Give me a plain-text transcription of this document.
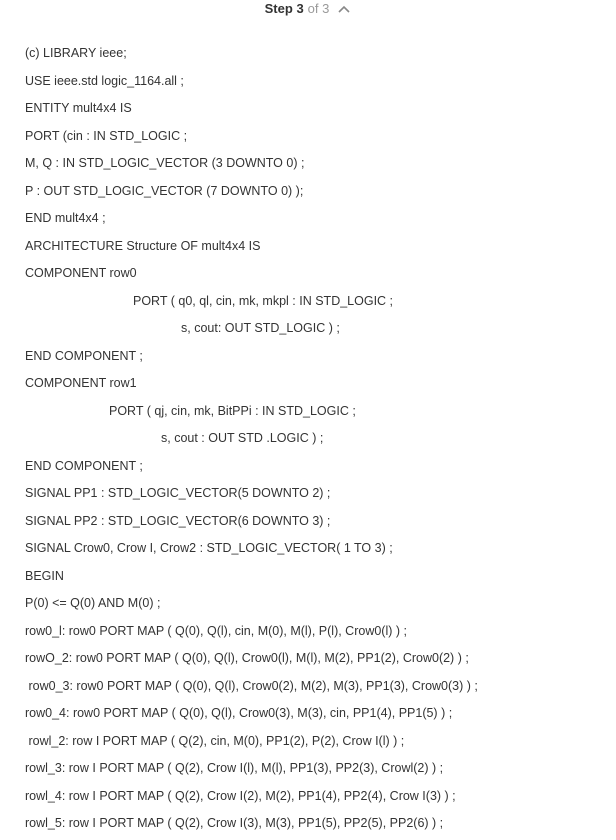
Step 3 of 3
(c) LIBRARY ieee;
USE ieee.std logic_1164.all ;
ENTITY mult4x4 IS
PORT (cin : IN STD_LOGIC ;
M, Q : IN STD_LOGIC_VECTOR (3 DOWNTO 0) ;
P : OUT STD_LOGIC_VECTOR (7 DOWNTO 0) );
END mult4x4 ;
ARCHITECTURE Structure OF mult4x4 IS
COMPONENT row0
PORT ( q0, ql, cin, mk, mkpl : IN STD_LOGIC ;
s, cout: OUT STD_LOGIC ) ;
END COMPONENT ;
COMPONENT row1
PORT ( qj, cin, mk, BitPPi : IN STD_LOGIC ;
s, cout : OUT STD .LOGIC ) ;
END COMPONENT ;
SIGNAL PP1 : STD_LOGIC_VECTOR(5 DOWNTO 2) ;
SIGNAL PP2 : STD_LOGIC_VECTOR(6 DOWNTO 3) ;
SIGNAL Crow0, Crow I, Crow2 : STD_LOGIC_VECTOR( 1 TO 3) ;
BEGIN
P(0) <= Q(0) AND M(0) ;
row0_l: row0 PORT MAP ( Q(0), Q(l), cin, M(0), M(l), P(l), Crow0(l) ) ;
rowO_2: row0 PORT MAP ( Q(0), Q(l), Crow0(l), M(l), M(2), PP1(2), Crow0(2) ) ;
row0_3: row0 PORT MAP ( Q(0), Q(l), Crow0(2), M(2), M(3), PP1(3), Crow0(3) ) ;
row0_4: row0 PORT MAP ( Q(0), Q(l), Crow0(3), M(3), cin, PP1(4), PP1(5) ) ;
rowl_2: row I PORT MAP ( Q(2), cin, M(0), PP1(2), P(2), Crow I(l) ) ;
rowl_3: row I PORT MAP ( Q(2), Crow I(l), M(l), PP1(3), PP2(3), Crowl(2) ) ;
rowl_4: row I PORT MAP ( Q(2), Crow I(2), M(2), PP1(4), PP2(4), Crow I(3) ) ;
rowl_5: row I PORT MAP ( Q(2), Crow I(3), M(3), PP1(5), PP2(5), PP2(6) ) ;
